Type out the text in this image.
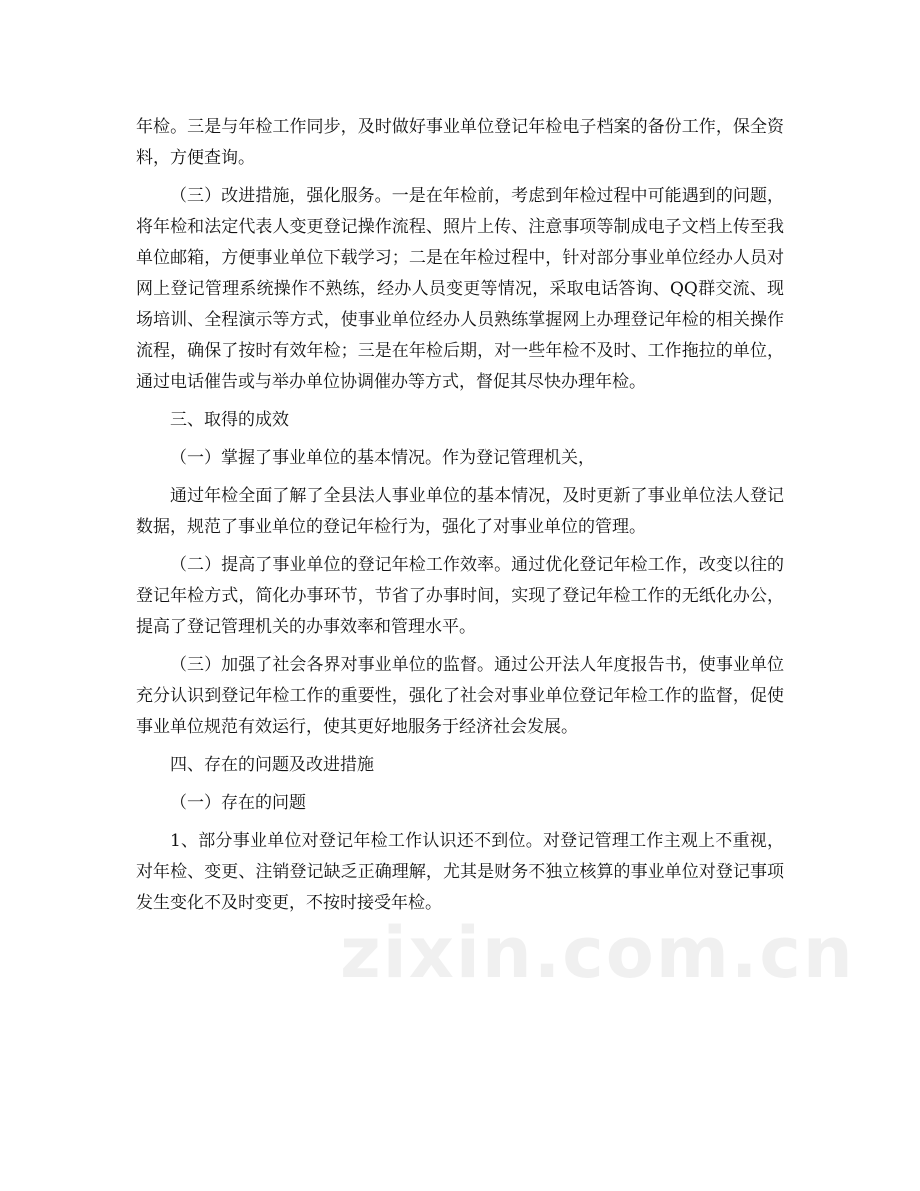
年检。三是与年检工作同步，及时做好事业单位登记年检电子档案的备份工作，保全资料，方便查询。

（三）改进措施，强化服务。一是在年检前，考虑到年检过程中可能遇到的问题，将年检和法定代表人变更登记操作流程、照片上传、注意事项等制成电子文档上传至我单位邮箱，方便事业单位下载学习；二是在年检过程中，针对部分事业单位经办人员对网上登记管理系统操作不熟练，经办人员变更等情况，采取电话答询、QQ群交流、现场培训、全程演示等方式，使事业单位经办人员熟练掌握网上办理登记年检的相关操作流程，确保了按时有效年检；三是在年检后期，对一些年检不及时、工作拖拉的单位，通过电话催告或与举办单位协调催办等方式，督促其尽快办理年检。

三、取得的成效

（一）掌握了事业单位的基本情况。作为登记管理机关，

通过年检全面了解了全县法人事业单位的基本情况，及时更新了事业单位法人登记数据，规范了事业单位的登记年检行为，强化了对事业单位的管理。

（二）提高了事业单位的登记年检工作效率。通过优化登记年检工作，改变以往的登记年检方式，简化办事环节，节省了办事时间，实现了登记年检工作的无纸化办公，提高了登记管理机关的办事效率和管理水平。

（三）加强了社会各界对事业单位的监督。通过公开法人年度报告书，使事业单位充分认识到登记年检工作的重要性，强化了社会对事业单位登记年检工作的监督，促使事业单位规范有效运行，使其更好地服务于经济社会发展。

四、存在的问题及改进措施

（一）存在的问题

1、部分事业单位对登记年检工作认识还不到位。对登记管理工作主观上不重视，对年检、变更、注销登记缺乏正确理解，尤其是财务不独立核算的事业单位对登记事项发生变化不及时变更，不按时接受年检。

zixin.com.cn
